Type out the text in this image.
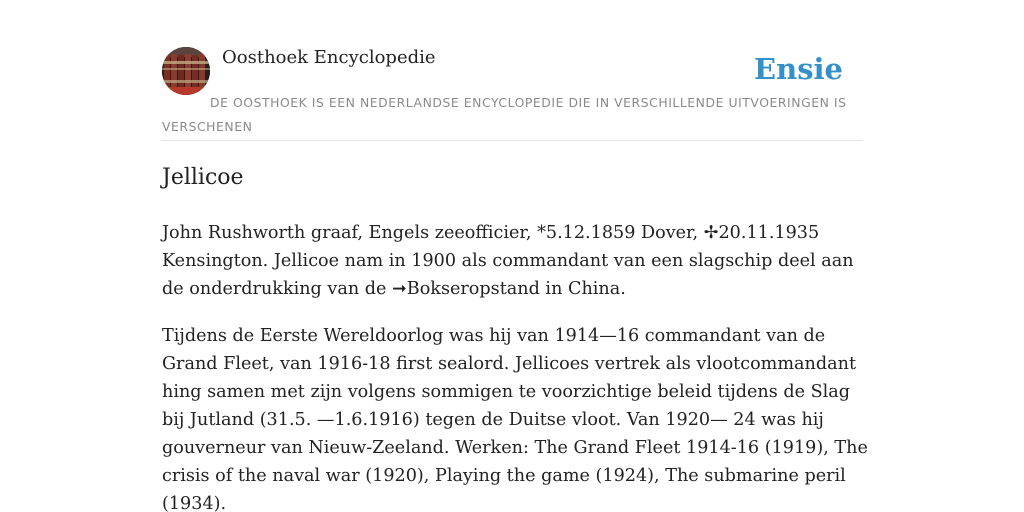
Oosthoek Encyclopedie	Ensie
DE OOSTHOEK IS EEN NEDERLANDSE ENCYCLOPEDIE DIE IN VERSCHILLENDE UITVOERINGEN IS VERSCHENEN
Jellicoe

John Rushworth graaf, Engels zeeofficier, *5.12.1859 Dover, ✢20.11.1935 Kensington. Jellicoe nam in 1900 als commandant van een slagschip deel aan de onderdrukking van de ➞Bokseropstand in China.

Tijdens de Eerste Wereldoorlog was hij van 1914—16 commandant van de Grand Fleet, van 1916-18 first sealord. Jellicoes vertrek als vlootcommandant hing samen met zijn volgens sommigen te voorzichtige beleid tijdens de Slag bij Jutland (31.5. —1.6.1916) tegen de Duitse vloot. Van 1920— 24 was hij gouverneur van Nieuw-Zeeland. Werken: The Grand Fleet 1914-16 (1919), The crisis of the naval war (1920), Playing the game (1924), The submarine peril (1934).
